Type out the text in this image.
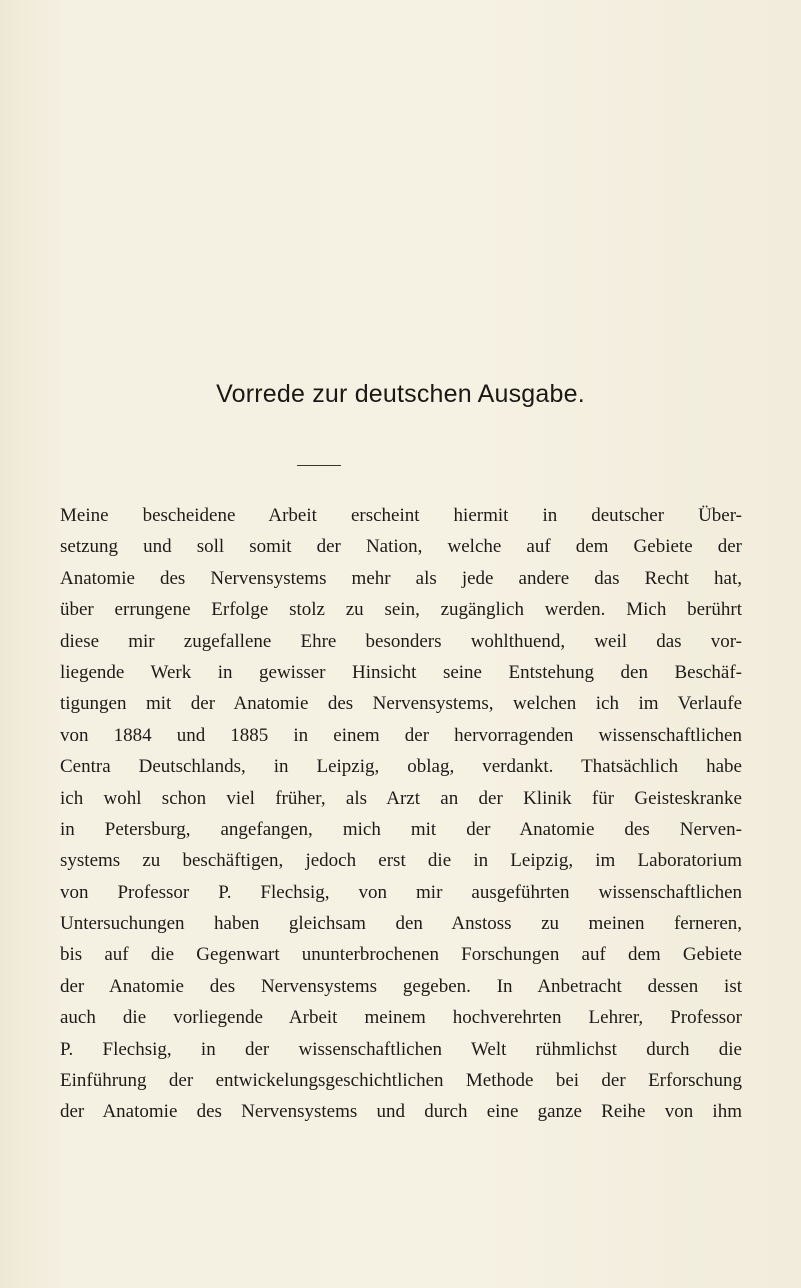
Vorrede zur deutschen Ausgabe.
Meine bescheidene Arbeit erscheint hiermit in deutscher Über-
setzung und soll somit der Nation, welche auf dem Gebiete der
Anatomie des Nervensystems mehr als jede andere das Recht hat,
über errungene Erfolge stolz zu sein, zugänglich werden. Mich berührt
diese mir zugefallene Ehre besonders wohlthuend, weil das vor-
liegende Werk in gewisser Hinsicht seine Entstehung den Beschäf-
tigungen mit der Anatomie des Nervensystems, welchen ich im Verlaufe
von 1884 und 1885 in einem der hervorragenden wissenschaftlichen
Centra Deutschlands, in Leipzig, oblag, verdankt. Thatsächlich habe
ich wohl schon viel früher, als Arzt an der Klinik für Geisteskranke
in Petersburg, angefangen, mich mit der Anatomie des Nerven-
systems zu beschäftigen, jedoch erst die in Leipzig, im Laboratorium
von Professor P. Flechsig, von mir ausgeführten wissenschaftlichen
Untersuchungen haben gleichsam den Anstoss zu meinen ferneren,
bis auf die Gegenwart ununterbrochenen Forschungen auf dem Gebiete
der Anatomie des Nervensystems gegeben. In Anbetracht dessen ist
auch die vorliegende Arbeit meinem hochverehrten Lehrer, Professor
P. Flechsig, in der wissenschaftlichen Welt rühmlichst durch die
Einführung der entwickelungsgeschichtlichen Methode bei der Erforschung
der Anatomie des Nervensystems und durch eine ganze Reihe von ihm
